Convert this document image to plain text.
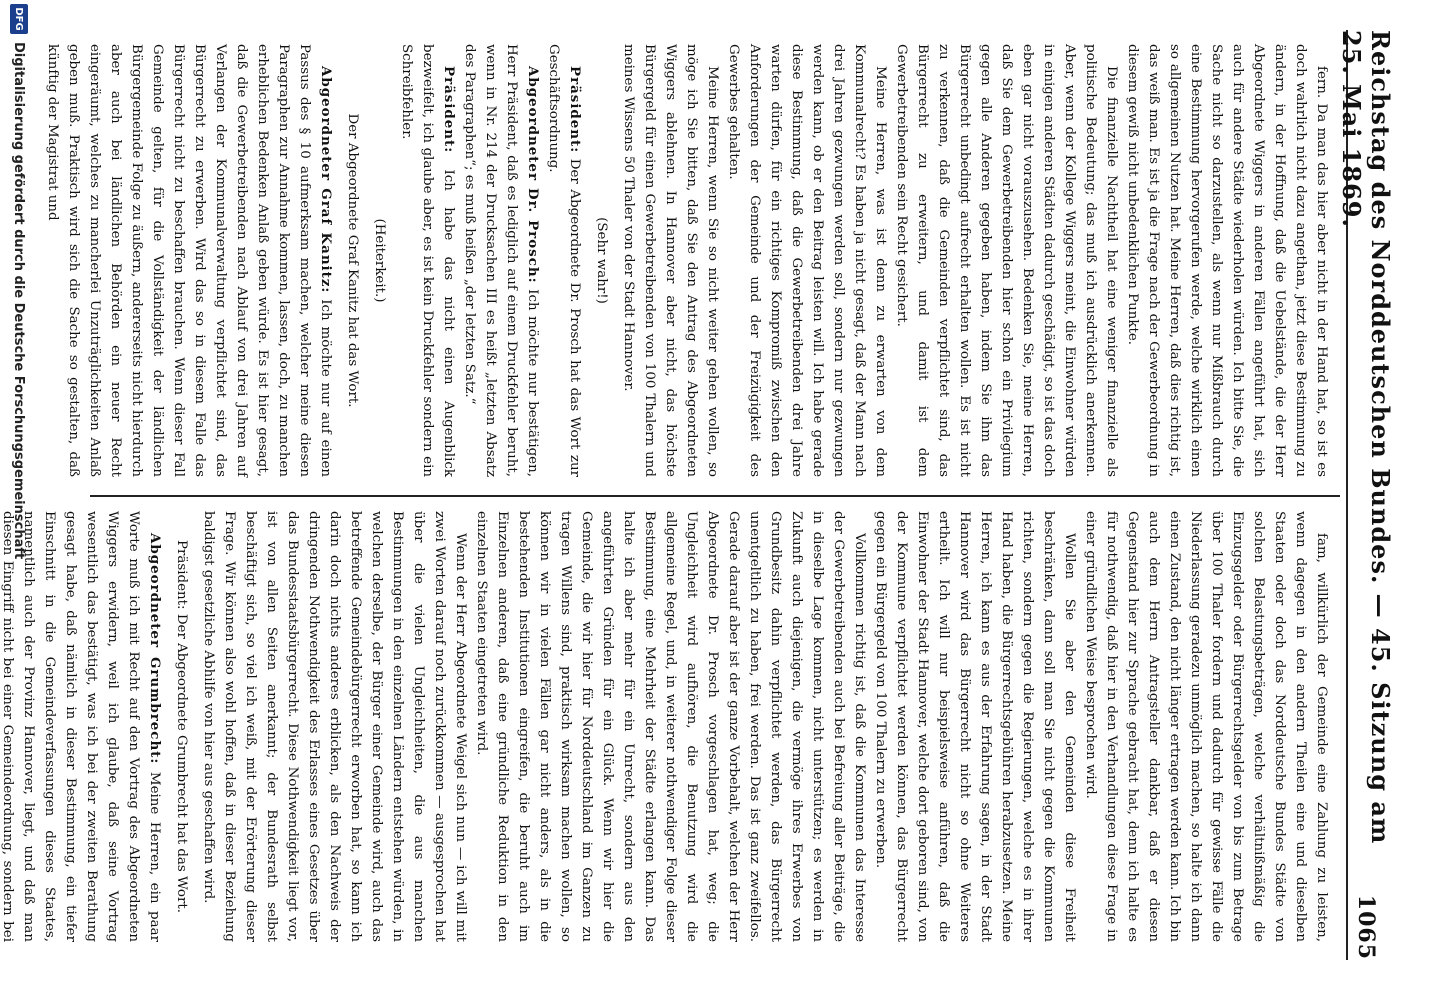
Reichstag des Norddeutschen Bundes. — 45. Sitzung am 25. Mai 1869.
1065

fern. Da man das hier aber nicht in der Hand hat, so ist es doch wahrlich nicht dazu angethan, jetzt diese Bestimmung zu ändern, in der Hoffnung, daß die Uebelstände, die der Herr Abgeordnete Wiggers in anderen Fällen angeführt hat, sich auch für andere Städte wiederholen würden. Ich bitte Sie, die Sache nicht so darzustellen, als wenn nur Mißbrauch durch eine Bestimmung hervorgerufen werde, welche wirklich einen so allgemeinen Nutzen hat. Meine Herren, daß dies richtig ist, das weiß man. Es ist ja die Frage nach der Gewerbeordnung in diesem gewiß nicht unbedenklichen Punkte.

Die finanzielle Nachtheil hat eine weniger finanzielle als politische Bedeutung; das muß ich ausdrücklich anerkennen. Aber, wenn der Kollege Wiggers meint, die Einwohner würden in einigen anderen Städten dadurch geschädigt, so ist das doch eben gar nicht vorauszusehen. Bedenken Sie, meine Herren, daß Sie dem Gewerbetreibenden hier schon ein Privilegium gegen alle Anderen gegeben haben, indem Sie ihm das Bürgerrecht unbedingt aufrecht erhalten wollen. Es ist nicht zu verkennen, daß die Gemeinden verpflichtet sind, das Bürgerrecht zu erweitern, und damit ist dem Gewerbetreibenden sein Recht gesichert.

Meine Herren, was ist denn zu erwarten von dem Kommunalrecht? Es haben ja nicht gesagt, daß der Mann nach drei Jahren gezwungen werden soll, sondern nur gezwungen werden kann, ob er den Beitrag leisten will. Ich habe gerade diese Bestimmung, daß die Gewerbetreibenden drei Jahre warten dürfen, für ein richtiges Kompromiß zwischen den Anforderungen der Gemeinde und der Freizügigkeit des Gewerbes gehalten.

Meine Herren, wenn Sie so nicht weiter gehen wollen, so möge ich Sie bitten, daß Sie den Antrag des Abgeordneten Wiggers ablehnen. In Hannover aber nicht, das höchste Bürgergeld für einen Gewerbetreibenden von 100 Thalern und meines Wissens 50 Thaler von der Stadt Hannover.

(Sehr wahr!)

Präsident: Der Abgeordnete Dr. Prosch hat das Wort zur Geschäftsordnung.

Abgeordneter Dr. Prosch: Ich möchte nur bestätigen, Herr Präsident, daß es lediglich auf einem Druckfehler beruht, wenn in Nr. 214 der Drucksachen III es heißt „letzten Absatz des Paragraphen“; es muß heißen „der letzten Satz.“

Präsident: Ich habe das nicht einen Augenblick bezweifelt, ich glaube aber, es ist kein Druckfehler sondern ein Schreibfehler.

(Heiterkeit.)

Der Abgeordnete Graf Kanitz hat das Wort.

Abgeordneter Graf Kanitz: Ich möchte nur auf einen Passus des § 10 aufmerksam machen, welcher meine diesen Paragraphen zur Annahme kommen, lassen, doch, zu manchen erheblichen Bedenken Anlaß geben würde. Es ist hier gesagt, daß die Gewerbetreibenden nach Ablauf von drei Jahren auf Verlangen der Kommunalverwaltung verpflichtet sind, das Bürgerrecht zu erwerben. Wird das so in diesem Falle das Bürgerrecht nicht zu beschaffen brauchen. Wenn dieser Fall Gemeinde gelten, für die Vollständigkeit der ländlichen Bürgergemeinde Folge zu äußern, andererseits nicht hierdurch aber auch bei ländlichen Behörden ein neuer Recht eingeräumt, welches zu mancherlei Unzuträglichkeiten Anlaß geben muß. Praktisch wird sich die Sache so gestalten, daß künftig der Magistrat und

fam, willkürlich der Gemeinde eine Zahlung zu leisten, wenn dagegen in den andern Theilen eine und dieselben Staaten oder doch das Norddeutsche Bundes Städte von solchen Belastungsbeträgen, welche verhältnißmäßig die Einzugsgelder oder Bürgerrechtsgelder von bis zum Betrage über 100 Thaler fordern und dadurch für gewisse Fälle die Niederlassung geradezu unmöglich machen, so halte ich dann einen Zustand, den nicht länger ertragen werden kann. Ich bin auch dem Herrn Antragsteller dankbar, daß er diesen Gegenstand hier zur Sprache gebracht hat, denn ich halte es für nothwendig, daß hier in den Verhandlungen diese Frage in einer gründlichen Weise besprochen wird.

Wollen Sie aber den Gemeinden diese Freiheit beschränken, dann soll man Sie nicht gegen die Kommunen richten, sondern gegen die Regierungen, welche es in ihrer Hand haben, die Bürgerrechtsgebühren herabzusetzen. Meine Herren, ich kann es aus der Erfahrung sagen, in der Stadt Hannover wird das Bürgerrecht nicht so ohne Weiteres ertheilt. Ich will nur beispielsweise anführen, daß die Einwohner der Stadt Hannover, welche dort geboren sind, von der Kommune verpflichtet werden können, das Bürgerrecht gegen ein Bürgergeld von 100 Thalern zu erwerben.

Vollkommen richtig ist, daß die Kommunen das Interesse der Gewerbetreibenden auch bei Befreiung aller Beiträge, die in dieselbe Lage kommen, nicht unterstützen; es werden in Zukunft auch diejenigen, die vermöge ihres Erwerbes von Grundbesitz dahin verpflichtet werden, das Bürgerrecht unentgeltlich zu haben, frei werden. Das ist ganz zweifellos. Gerade darauf aber ist der ganze Vorbehalt, welchen der Herr Abgeordnete Dr. Prosch vorgeschlagen hat, weg; die Ungleichheit wird aufhören, die Benutzung wird die allgemeine Regel, und, in weiterer nothwendiger Folge dieser Bestimmung, eine Mehrheit der Städte erlangen kann. Das halte ich aber mehr für ein Unrecht, sondern aus den angeführten Gründen für ein Glück. Wenn wir hier die Gemeinde, die wir hier für Norddeutschland im Ganzen zu tragen Willens sind, praktisch wirksam machen wollen, so können wir in vielen Fällen gar nicht anders, als in die bestehenden Institutionen eingreifen, die beruht auch im Einzelnen anderen, daß eine gründliche Reduktion in den einzelnen Staaten eingetreten wird.

Wenn der Herr Abgeordnete Weigel sich nun — ich will mit zwei Worten darauf noch zurückkommen — ausgesprochen hat über die vielen Ungleichheiten, die aus manchen Bestimmungen in den einzelnen Ländern entstehen würden, in welchen derselbe, der Bürger einer Gemeinde wird, auch das betreffende Gemeindebürgerrecht erworben hat, so kann ich darin doch nichts anderes erblicken, als den Nachweis der dringenden Nothwendigkeit des Erlasses eines Gesetzes über das Bundesstaatsbürgerrecht. Diese Nothwendigkeit liegt vor, ist von allen Seiten anerkannt; der Bundesrath selbst beschäftigt sich, so viel ich weiß, mit der Erörterung dieser Frage. Wir können also wohl hoffen, daß in dieser Beziehung baldigst gesetzliche Abhilfe von hier aus geschaffen wird.

Präsident: Der Abgeordnete Grumbrecht hat das Wort.

Abgeordneter Grumbrecht: Meine Herren, ein paar Worte muß ich mit Recht auf den Vortrag des Abgeordneten Wiggers erwidern, weil ich glaube, daß seine Vortrag wesentlich das bestätigt, was ich bei der zweiten Berathung gesagt habe, daß nämlich in dieser Bestimmung, ein tiefer Einschnitt in die Gemeindeverfassungen dieses Staates, namentlich auch der Provinz Hannover, liegt, und daß man diesen Eingriff nicht bei einer Gemeindeordnung, sondern bei

DFG
Digitalisierung gefördert durch die Deutsche Forschungsgemeinschaft
